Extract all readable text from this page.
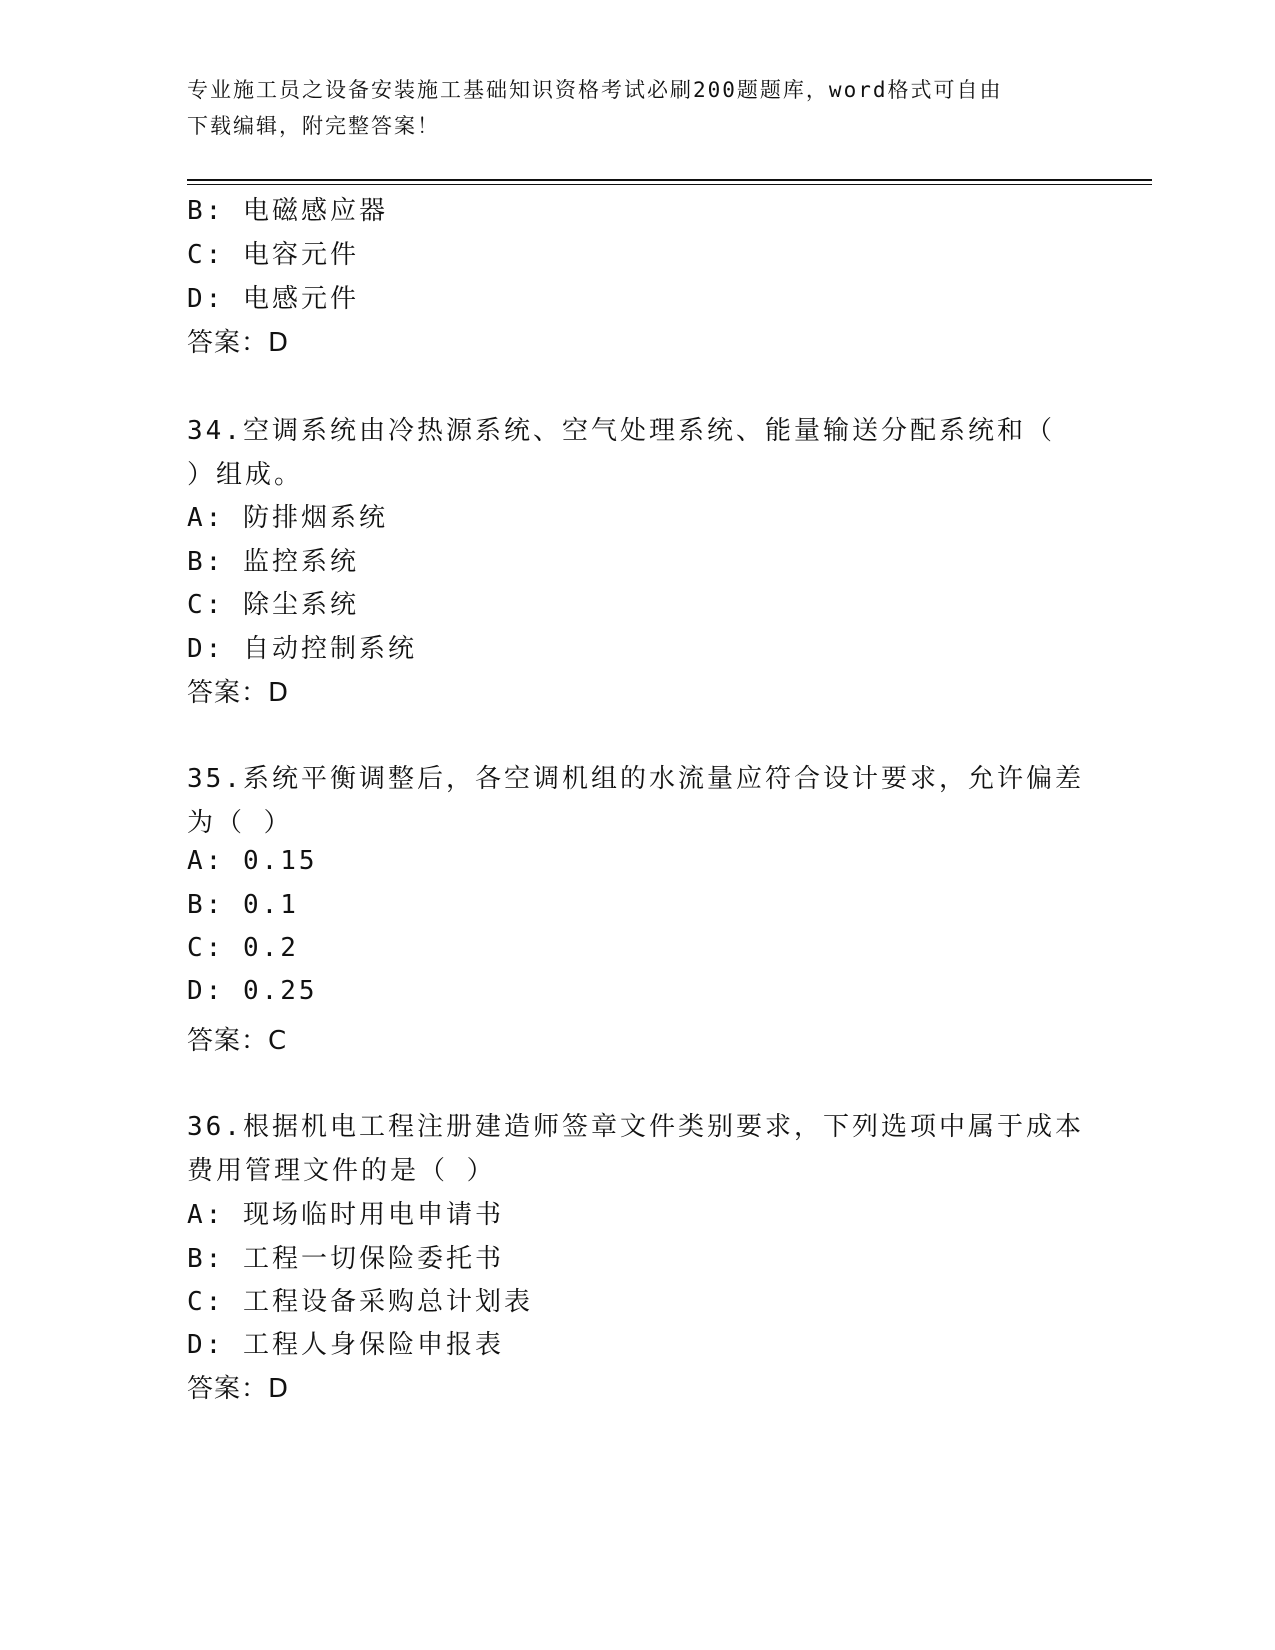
专业施工员之设备安装施工基础知识资格考试必刷200题题库，word格式可自由
下载编辑，附完整答案！
B: 电磁感应器
C: 电容元件
D: 电感元件
答案：D
34.空调系统由冷热源系统、空气处理系统、能量输送分配系统和（
）组成。
A: 防排烟系统
B: 监控系统
C: 除尘系统
D: 自动控制系统
答案：D
35.系统平衡调整后，各空调机组的水流量应符合设计要求，允许偏差
为（ ）
A: 0.15
B: 0.1
C: 0.2
D: 0.25
答案：C
36.根据机电工程注册建造师签章文件类别要求，下列选项中属于成本
费用管理文件的是（ ）
A: 现场临时用电申请书
B: 工程一切保险委托书
C: 工程设备采购总计划表
D: 工程人身保险申报表
答案：D
